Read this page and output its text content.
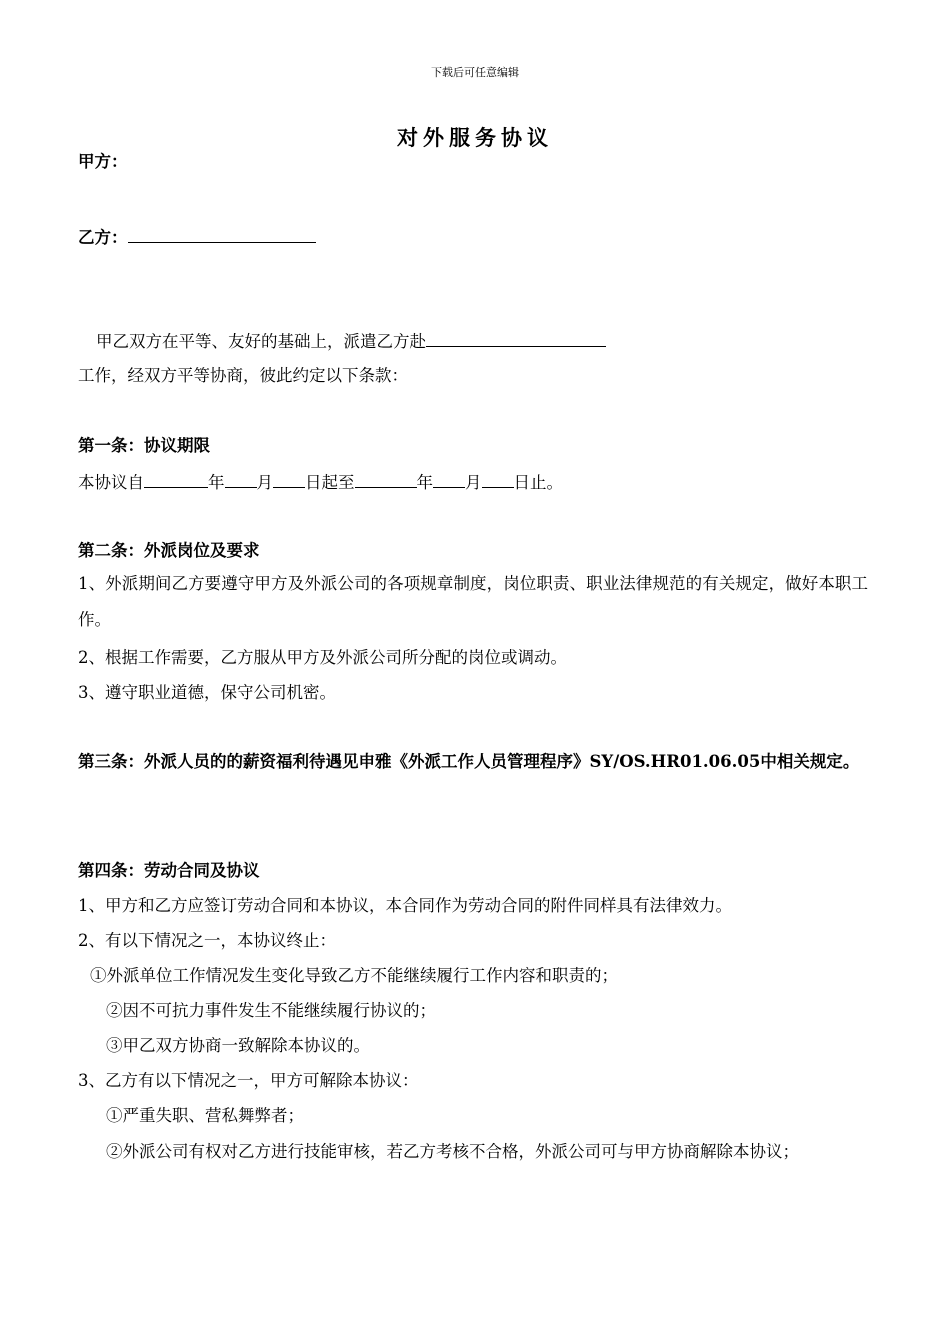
下载后可任意编辑
对外服务协议
甲方：
乙方：
甲乙双方在平等、友好的基础上，派遣乙方赴
工作，经双方平等协商，彼此约定以下条款：
第一条：协议期限
本协议自	年 月 日起至	年 月 日止。
第二条：外派岗位及要求
1、外派期间乙方要遵守甲方及外派公司的各项规章制度，岗位职责、职业法律规范的有关规定，做好本职工作。
2、根据工作需要，乙方服从甲方及外派公司所分配的岗位或调动。
3、遵守职业道德，保守公司机密。
第三条：外派人员的的薪资福利待遇见申雅《外派工作人员管理程序》SY/OS.HR01.06.05中相关规定。
第四条：劳动合同及协议
1、甲方和乙方应签订劳动合同和本协议，本合同作为劳动合同的附件同样具有法律效力。
2、有以下情况之一，本协议终止：
①外派单位工作情况发生变化导致乙方不能继续履行工作内容和职责的；
②因不可抗力事件发生不能继续履行协议的；
③甲乙双方协商一致解除本协议的。
3、乙方有以下情况之一，甲方可解除本协议：
①严重失职、营私舞弊者；
②外派公司有权对乙方进行技能审核，若乙方考核不合格，外派公司可与甲方协商解除本协议；
